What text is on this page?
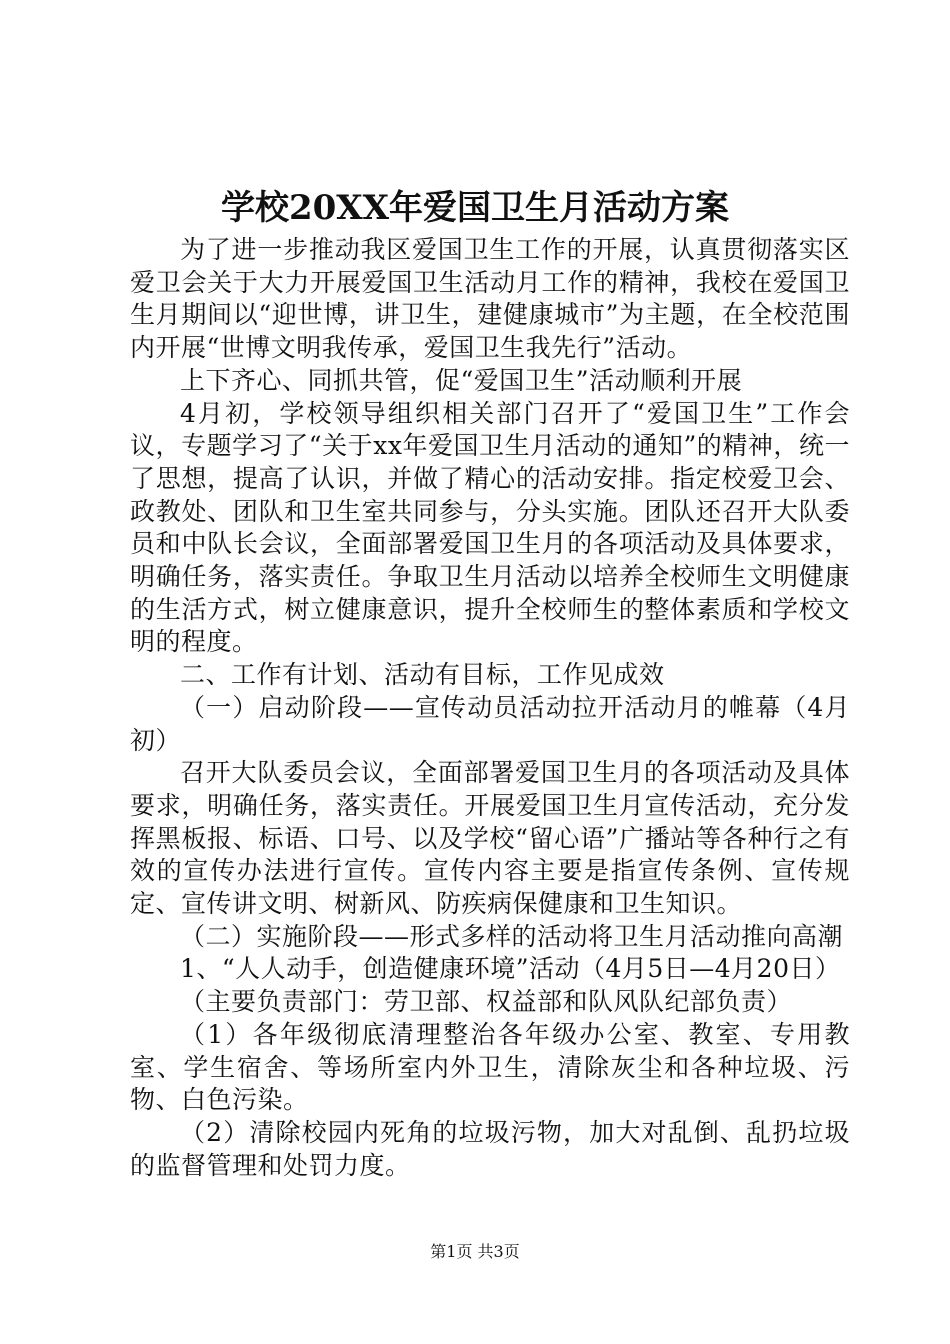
学校20XX年爱国卫生月活动方案

为了进一步推动我区爱国卫生工作的开展，认真贯彻落实区爱卫会关于大力开展爱国卫生活动月工作的精神，我校在爱国卫生月期间以“迎世博，讲卫生，建健康城市”为主题，在全校范围内开展“世博文明我传承，爱国卫生我先行”活动。

上下齐心、同抓共管，促“爱国卫生”活动顺利开展

4月初，学校领导组织相关部门召开了“爱国卫生”工作会议，专题学习了“关于xx年爱国卫生月活动的通知”的精神，统一了思想，提高了认识，并做了精心的活动安排。指定校爱卫会、政教处、团队和卫生室共同参与，分头实施。团队还召开大队委员和中队长会议，全面部署爱国卫生月的各项活动及具体要求，明确任务，落实责任。争取卫生月活动以培养全校师生文明健康的生活方式，树立健康意识，提升全校师生的整体素质和学校文明的程度。

二、工作有计划、活动有目标，工作见成效

（一）启动阶段——宣传动员活动拉开活动月的帷幕（4月初）

召开大队委员会议，全面部署爱国卫生月的各项活动及具体要求，明确任务，落实责任。开展爱国卫生月宣传活动，充分发挥黑板报、标语、口号、以及学校“留心语”广播站等各种行之有效的宣传办法进行宣传。宣传内容主要是指宣传条例、宣传规定、宣传讲文明、树新风、防疾病保健康和卫生知识。

（二）实施阶段——形式多样的活动将卫生月活动推向高潮

1、“人人动手，创造健康环境”活动（4月5日—4月20日）

（主要负责部门：劳卫部、权益部和队风队纪部负责）

（1）各年级彻底清理整治各年级办公室、教室、专用教室、学生宿舍、等场所室内外卫生，清除灰尘和各种垃圾、污物、白色污染。

（2）清除校园内死角的垃圾污物，加大对乱倒、乱扔垃圾的监督管理和处罚力度。

第1页 共3页
